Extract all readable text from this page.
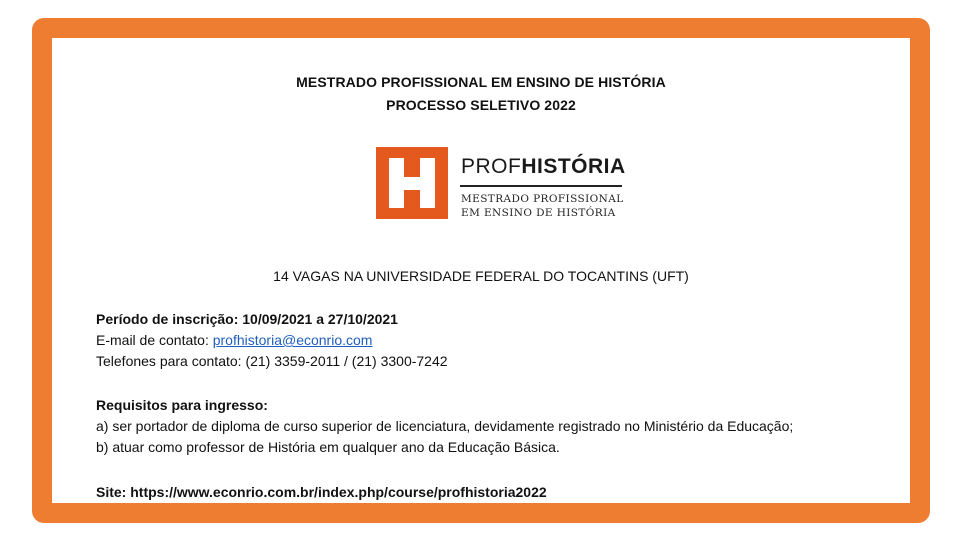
MESTRADO PROFISSIONAL EM ENSINO DE HISTÓRIA
PROCESSO SELETIVO 2022
PROFHISTÓRIA
MESTRADO PROFISSIONAL
EM ENSINO DE HISTÓRIA
14 VAGAS NA UNIVERSIDADE FEDERAL DO TOCANTINS (UFT)
Período de inscrição: 10/09/2021 a 27/10/2021
E-mail de contato: profhistoria@econrio.com
Telefones para contato: (21) 3359-2011 / (21) 3300-7242
Requisitos para ingresso:
a) ser portador de diploma de curso superior de licenciatura, devidamente registrado no Ministério da Educação;
b) atuar como professor de História em qualquer ano da Educação Básica.
Site: https://www.econrio.com.br/index.php/course/profhistoria2022
